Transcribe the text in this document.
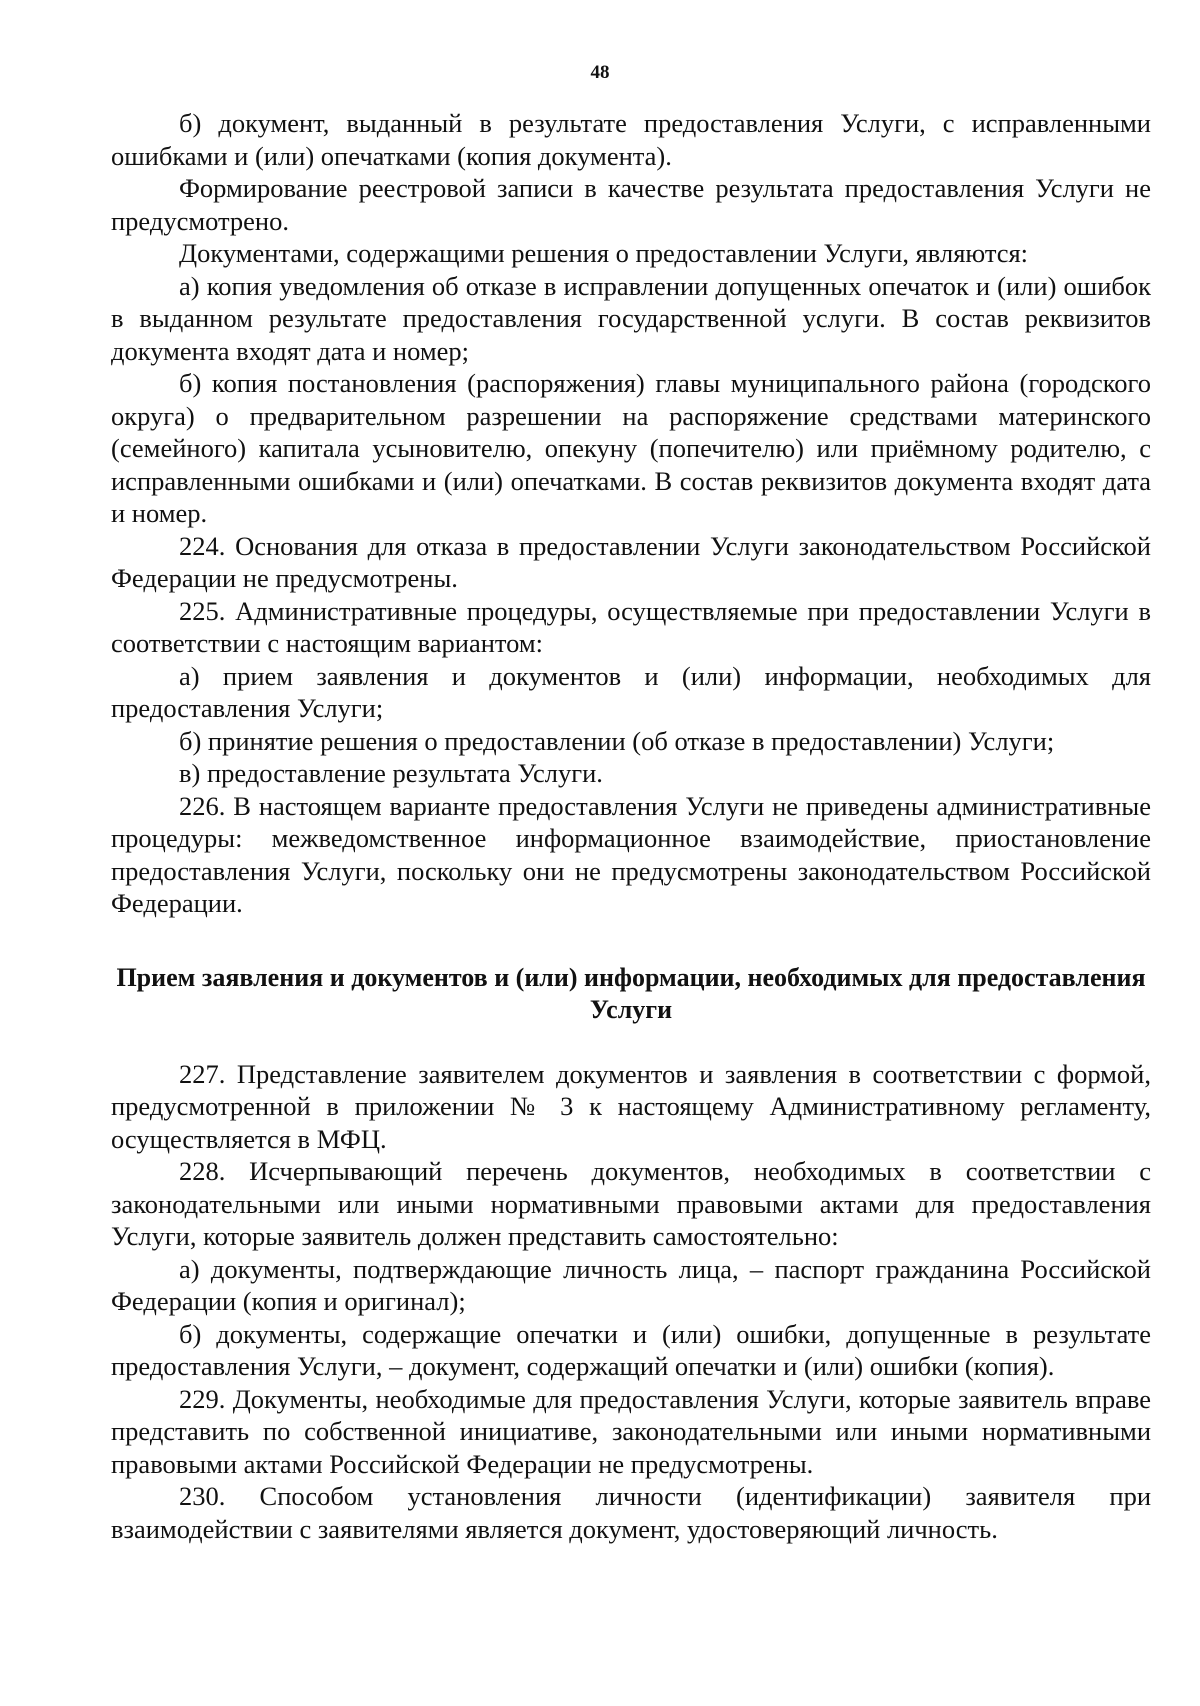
48

б) документ, выданный в результате предоставления Услуги, с исправленными ошибками и (или) опечатками (копия документа).

Формирование реестровой записи в качестве результата предоставления Услуги не предусмотрено.

Документами, содержащими решения о предоставлении Услуги, являются:

а) копия уведомления об отказе в исправлении допущенных опечаток и (или) ошибок в выданном результате предоставления государственной услуги. В состав реквизитов документа входят дата и номер;

б) копия постановления (распоряжения) главы муниципального района (городского округа) о предварительном разрешении на распоряжение средствами материнского (семейного) капитала усыновителю, опекуну (попечителю) или приёмному родителю, с исправленными ошибками и (или) опечатками. В состав реквизитов документа входят дата и номер.

224. Основания для отказа в предоставлении Услуги законодательством Российской Федерации не предусмотрены.

225. Административные процедуры, осуществляемые при предоставлении Услуги в соответствии с настоящим вариантом:

а) прием заявления и документов и (или) информации, необходимых для предоставления Услуги;

б) принятие решения о предоставлении (об отказе в предоставлении) Услуги;

в) предоставление результата Услуги.

226. В настоящем варианте предоставления Услуги не приведены административные процедуры: межведомственное информационное взаимодействие, приостановление предоставления Услуги, поскольку они не предусмотрены законодательством Российской Федерации.

Прием заявления и документов и (или) информации, необходимых для предоставления Услуги

227. Представление заявителем документов и заявления в соответствии с формой, предусмотренной в приложении № 3 к настоящему Административному регламенту, осуществляется в МФЦ.

228. Исчерпывающий перечень документов, необходимых в соответствии с законодательными или иными нормативными правовыми актами для предоставления Услуги, которые заявитель должен представить самостоятельно:

а) документы, подтверждающие личность лица, – паспорт гражданина Российской Федерации (копия и оригинал);

б) документы, содержащие опечатки и (или) ошибки, допущенные в результате предоставления Услуги, – документ, содержащий опечатки и (или) ошибки (копия).

229. Документы, необходимые для предоставления Услуги, которые заявитель вправе представить по собственной инициативе, законодательными или иными нормативными правовыми актами Российской Федерации не предусмотрены.

230. Способом установления личности (идентификации) заявителя при взаимодействии с заявителями является документ, удостоверяющий личность.
